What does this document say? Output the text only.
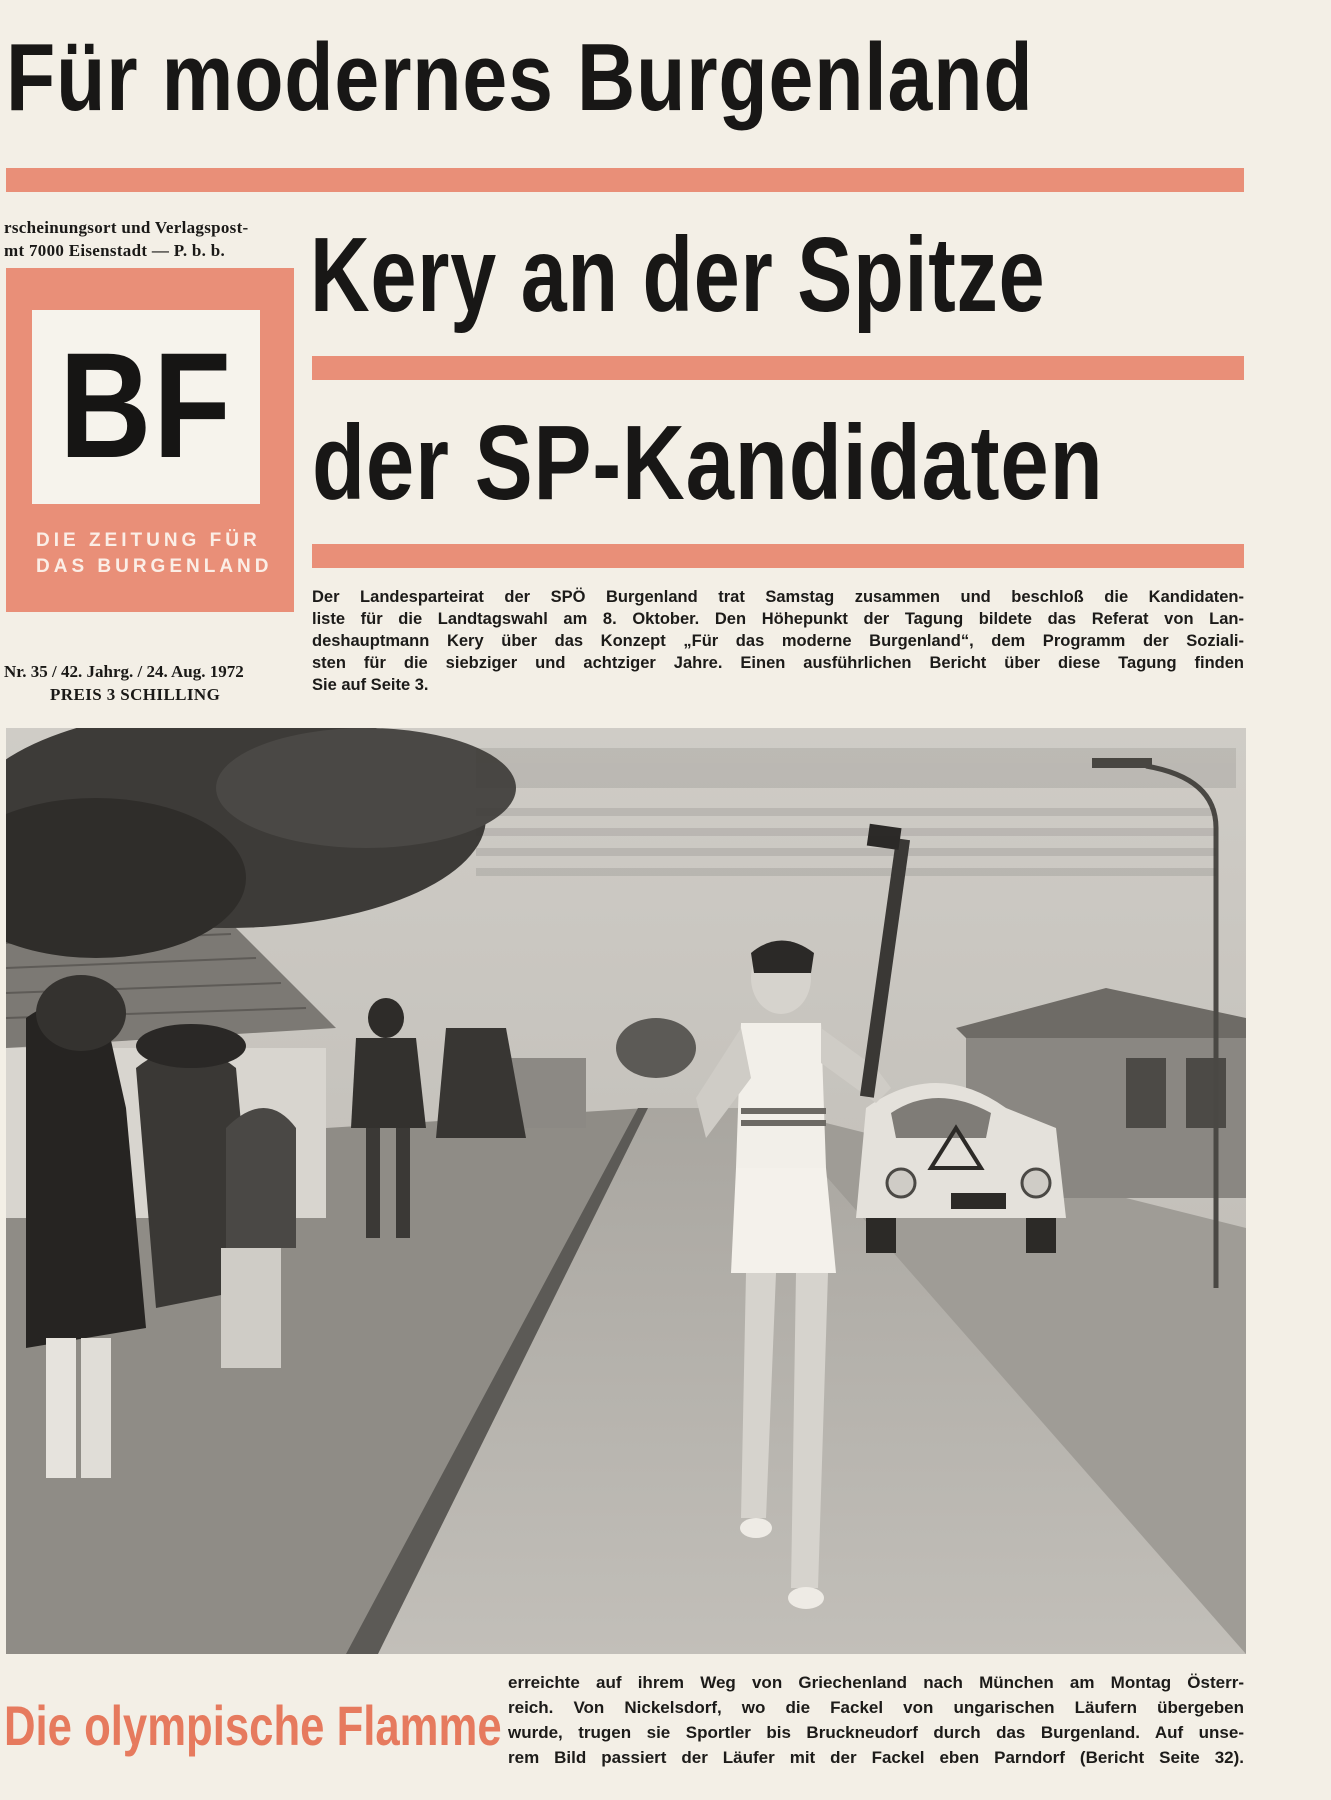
Für modernes Burgenland
rscheinungsort und Verlagspost-
mt 7000 Eisenstadt — P. b. b.
BF
DIE ZEITUNG FÜR
DAS BURGENLAND
Nr. 35 / 42. Jahrg. / 24. Aug. 1972
PREIS 3 SCHILLING
Kery an der Spitze
der SP-Kandidaten
Der Landesparteirat der SPÖ Burgenland trat Samstag zusammen und beschloß die Kandidaten-
liste für die Landtagswahl am 8. Oktober. Den Höhepunkt der Tagung bildete das Referat von Lan-
deshauptmann Kery über das Konzept „Für das moderne Burgenland“, dem Programm der Soziali-
sten für die siebziger und achtziger Jahre. Einen ausführlichen Bericht über diese Tagung finden
Sie auf Seite 3.
Die olympische Flamme
erreichte auf ihrem Weg von Griechenland nach München am Montag Österr-
reich. Von Nickelsdorf, wo die Fackel von ungarischen Läufern übergeben
wurde, trugen sie Sportler bis Bruckneudorf durch das Burgenland. Auf unse-
rem Bild passiert der Läufer mit der Fackel eben Parndorf (Bericht Seite 32).
